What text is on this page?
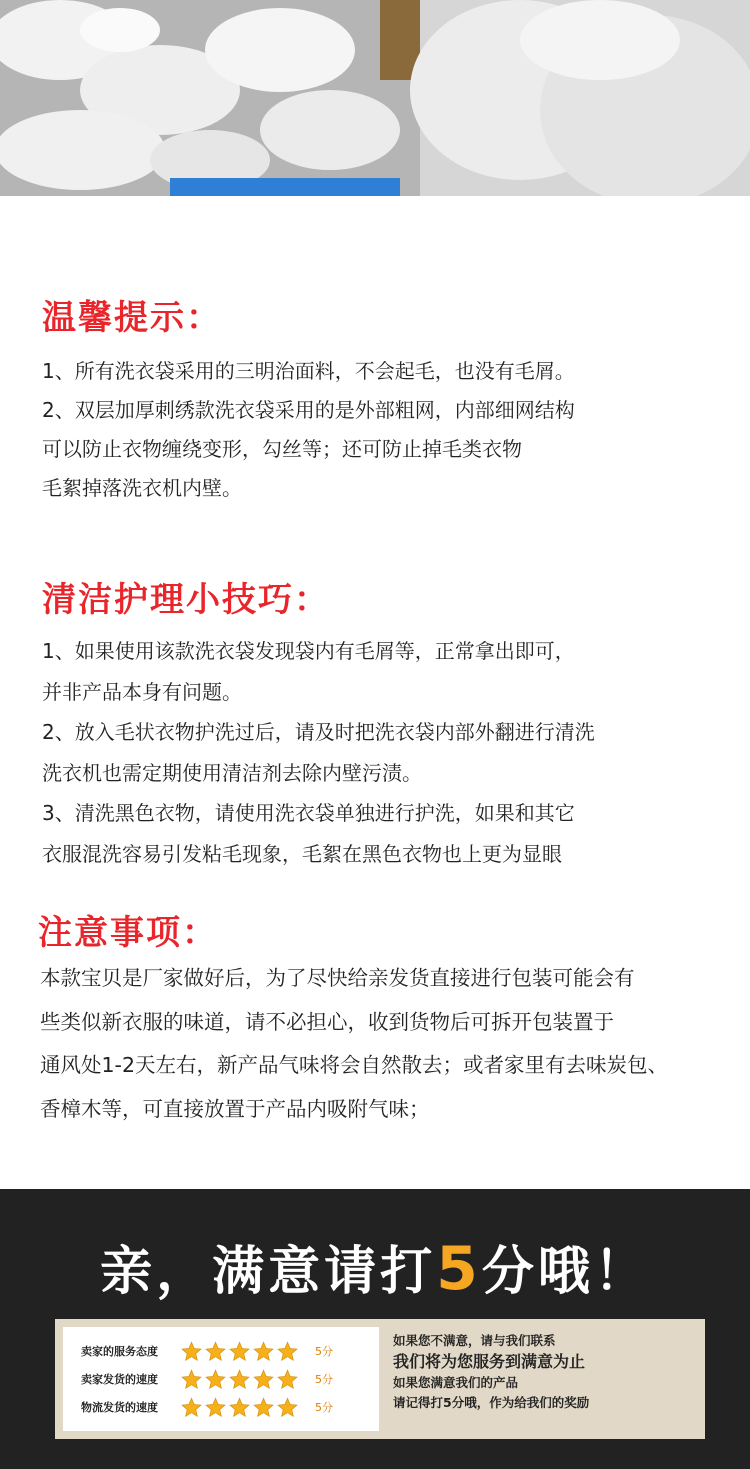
温馨提示：
1、所有洗衣袋采用的三明治面料，不会起毛，也没有毛屑。
2、双层加厚刺绣款洗衣袋采用的是外部粗网，内部细网结构
可以防止衣物缠绕变形，勾丝等；还可防止掉毛类衣物
毛絮掉落洗衣机内壁。
清洁护理小技巧：
1、如果使用该款洗衣袋发现袋内有毛屑等，正常拿出即可，
并非产品本身有问题。
2、放入毛状衣物护洗过后，请及时把洗衣袋内部外翻进行清洗
洗衣机也需定期使用清洁剂去除内壁污渍。
3、清洗黑色衣物，请使用洗衣袋单独进行护洗，如果和其它
衣服混洗容易引发粘毛现象，毛絮在黑色衣物也上更为显眼
注意事项：
本款宝贝是厂家做好后，为了尽快给亲发货直接进行包装可能会有
些类似新衣服的味道，请不必担心，收到货物后可拆开包装置于
通风处1-2天左右，新产品气味将会自然散去；或者家里有去味炭包、
香樟木等，可直接放置于产品内吸附气味；
亲，满意请打5分哦！
卖家的服务态度	5分
卖家发货的速度	5分
物流发货的速度	5分
如果您不满意，请与我们联系
我们将为您服务到满意为止
如果您满意我们的产品
请记得打5分哦，作为给我们的奖励
